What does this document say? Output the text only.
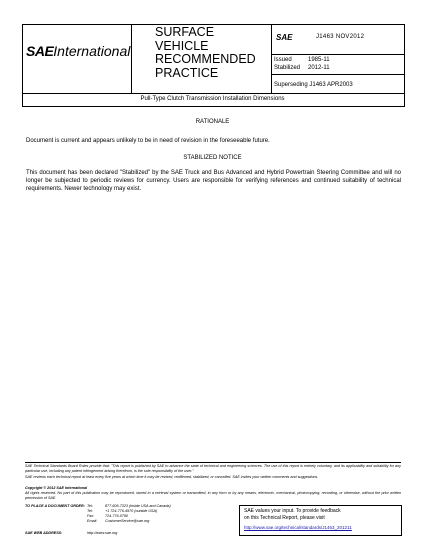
SAEInternational
SURFACE
VEHICLE
RECOMMENDED
PRACTICE
SAE	J1463 NOV2012
Issued	1985-11
Stabilized 2012-11
Superseding J1463 APR2003
Pull-Type Clutch Transmission Installation Dimensions
RATIONALE
Document is current and appears unlikely to be in need of revision in the foreseeable future.
STABILIZED NOTICE
This document has been declared "Stabilized" by the SAE Truck and Bus Advanced and Hybrid Powertrain Steering Committee and will no longer be subjected to periodic reviews for currency. Users are responsible for verifying references and continued suitability of technical requirements. Newer technology may exist.
SAE Technical Standards Board Rules provide that: "This report is published by SAE to advance the state of technical and engineering sciences. The use of this report is entirely voluntary, and its applicability and suitability for any particular use, including any patent infringement arising therefrom, is the sole responsibility of the user."
SAE reviews each technical report at least every five years at which time it may be revised, reaffirmed, stabilized, or cancelled. SAE invites your written comments and suggestions.
Copyright © 2012 SAE International
All rights reserved. No part of this publication may be reproduced, stored in a retrieval system or transmitted, in any form or by any means, electronic, mechanical, photocopying, recording, or otherwise, without the prior written permission of SAE.
TO PLACE A DOCUMENT ORDER: Tel:	877-606-7323 (inside USA and Canada)
Tel:	+1 724-776-4970 (outside USA)
Fax:	724-776-0790
Email: CustomerService@sae.org
SAE WEB ADDRESS:	http://www.sae.org
SAE values your input. To provide feedback
on this Technical Report, please visit
http://www.sae.org/technical/standards/J1463_201211
